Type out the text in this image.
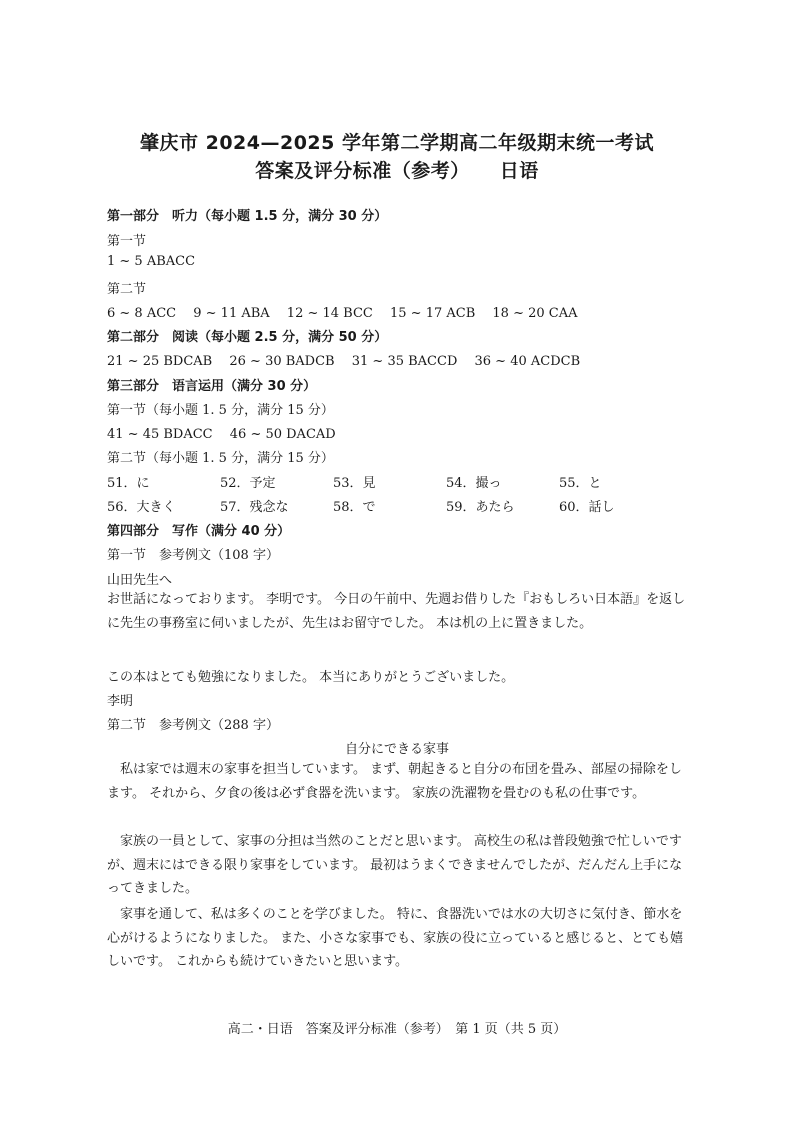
肇庆市 2024—2025 学年第二学期高二年级期末统一考试
答案及评分标准（参考） 日语
第一部分　听力（每小题 1.5 分，满分 30 分）
第一节
1 ~ 5 ABACC
第二节
6 ~ 8 ACC　 9 ~ 11 ABA　 12 ~ 14 BCC　 15 ~ 17 ACB　 18 ~ 20 CAA
第二部分　阅读（每小题 2.5 分，满分 50 分）
21 ~ 25 BDCAB　 26 ~ 30 BADCB　 31 ~ 35 BACCD　 36 ~ 40 ACDCB
第三部分　语言运用（满分 30 分）
第一节（每小题 1. 5 分，满分 15 分）
41 ~ 45 BDACC　 46 ~ 50 DACAD
第二节（每小题 1. 5 分，满分 15 分）
51．に	52．予定	53．見	54．撮っ	55．と
56．大きく	57．残念な	58．で	59．あたら	60．話し
第四部分　写作（满分 40 分）
第一节　参考例文（108 字）
山田先生へ
お世話になっております。 李明です。 今日の午前中、先週お借りした『おもしろい日本語』を返しに先生の事務室に伺いましたが、先生はお留守でした。 本は机の上に置きました。
この本はとても勉強になりました。 本当にありがとうございました。
李明
第二节　参考例文（288 字）
自分にできる家事
私は家では週末の家事を担当しています。 まず、朝起きると自分の布団を畳み、部屋の掃除をします。 それから、夕食の後は必ず食器を洗います。 家族の洗濯物を畳むのも私の仕事です。
家族の一員として、家事の分担は当然のことだと思います。 高校生の私は普段勉強で忙しいですが、週末にはできる限り家事をしています。 最初はうまくできませんでしたが、だんだん上手になってきました。
家事を通して、私は多くのことを学びました。 特に、食器洗いでは水の大切さに気付き、節水を心がけるようになりました。 また、小さな家事でも、家族の役に立っていると感じると、とても嬉しいです。 これからも続けていきたいと思います。
高二・日语　答案及评分标准（参考）　第 1 页（共 5 页）
